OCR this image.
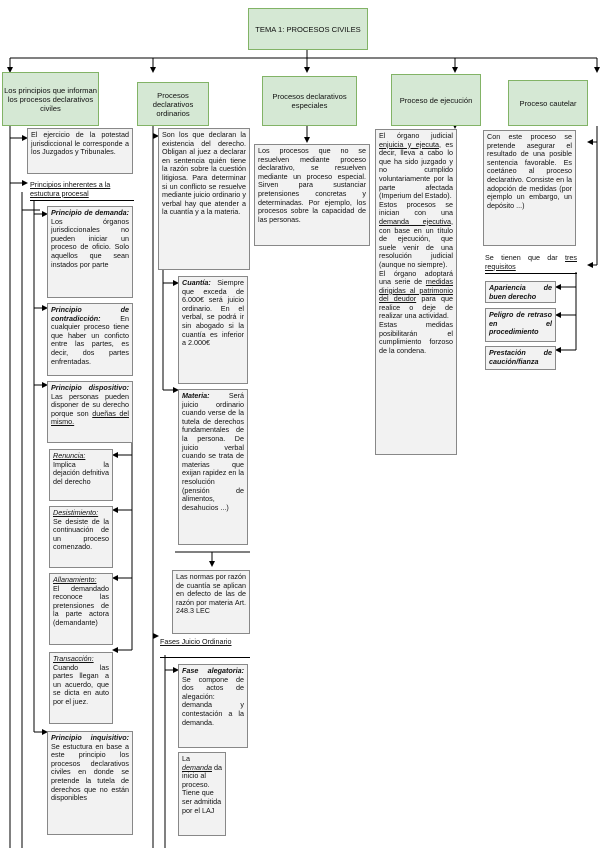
TEMA 1: PROCESOS CIVILES
Los principios que informan los procesos declarativos civiles
El ejercicio de la potestad jurisdiccional le corresponde a los Juzgados y Tribunales.
Principios inherentes a la estuctura procesal
Principio de demanda: Los órganos jurisdiccionales no pueden iniciar un proceso de oficio. Solo aquellos que sean instados por parte
Principio de contradicción:	En cualquier proceso tiene que haber un conficto entre las partes, es decir, dos partes enfrentadas.
Principio dispositivo: Las personas pueden disponer de su derecho porque son dueñas del mismo.
Renuncia:
Implica la dejación defnitiva del derecho
Desistimiento:
Se desiste de la continuación de un proceso comenzado.
Allanamiento:
El demandado reconoce las pretensiones de la parte actora (demandante)
Transacción:
Cuando las partes llegan a un acuerdo, que se dicta en auto por el juez.
Principio inquisitivo: Se estuctura en base a este principio los procesos declarativos civiles en donde se pretende la tutela de derechos que no están disponibles
Procesos declarativos ordinarios
Son los que declaran la existencia del derecho. Obligan al juez a declarar en sentencia quién tiene la razón sobre la cuestión litigiosa. Para determinar si un conflicto se resuelve mediante juicio ordinario y verbal hay que atender a la cuantía y a la materia.
Cuantía: Siempre que exceda de 6.000€ será juicio ordinario. En el verbal, se podrá ir sin abogado si la cuantía es inferior a 2.000€
Materia:	Será juicio ordinario cuando verse de la tutela de derechos fundamentales de la persona. De juicio verbal cuando se trata de materias que exijan rapidez en la resolución (pensión de alimentos, desahucios ...)
Las normas por razón de cuantía se aplican en defecto de las de razón por materia Art. 248.3 LEC
Fases Juicio Ordinario
Fase alegatoria: Se compone de dos actos de alegación: demanda y contestación a la demanda.
La
demanda da inicio al proceso. Tiene que ser admitida por el LAJ
Procesos declarativos especiales
Los procesos que no se resuelven mediante proceso declarativo, se resuelven mediante un proceso especial. Sirven para sustanciar pretensiones concretas y determinadas. Por ejemplo, los procesos sobre la capacidad de las personas.
Proceso de ejecución
El órgano judicial enjuicia y ejecuta, es decir, lleva a cabo lo que ha sido juzgado y no cumplido voluntariamente por la parte afectada (Imperium del Estado).

Estos procesos se inician con una demanda ejecutiva, con base en un título de ejecución, que suele venir de una resolución judicial (aunque no siempre).

El órgano adoptará una serie de medidas dirigidas al patrimonio del deudor para que realice o deje de realizar una actividad.

Estas medidas posibilitarán el cumplimiento forzoso de la condena.

Proceso cautelar
Con este proceso se pretende asegurar el resultado de una posible sentencia favorable. Es coetáneo al proceso declarativo. Consiste en la adopción de medidas (por ejemplo un embargo, un depósito ...)
Se tienen que dar tres requisitos
Apariencia de buen derecho
Peligro de retraso en el procedimiento
Prestación de caución/fianza
